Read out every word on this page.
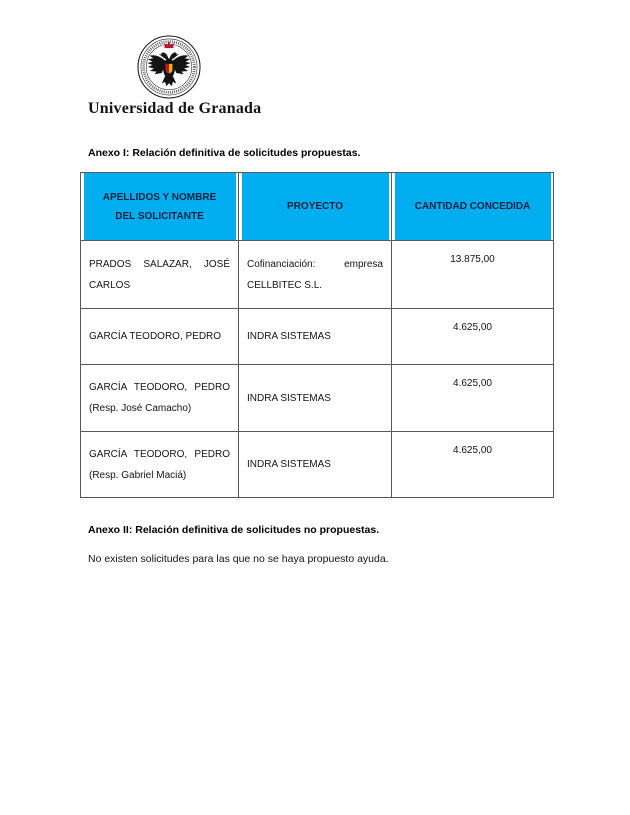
Universidad de Granada
Anexo I: Relación definitiva de solicitudes propuestas.
APELLIDOS Y NOMBRE DEL SOLICITANTE	PROYECTO	CANTIDAD CONCEDIDA

PRADOS SALAZAR, JOSÉ CARLOS	Cofinanciación: empresa CELLBITEC S.L.	13.875,00
GARCÍA TEODORO, PEDRO	INDRA SISTEMAS	4.625,00
GARCÍA TEODORO, PEDRO (Resp. José Camacho)	INDRA SISTEMAS	4.625,00
GARCÍA TEODORO, PEDRO (Resp. Gabriel Maciá)	INDRA SISTEMAS	4.625,00
Anexo II: Relación definitiva de solicitudes no propuestas.
No existen solicitudes para las que no se haya propuesto ayuda.
